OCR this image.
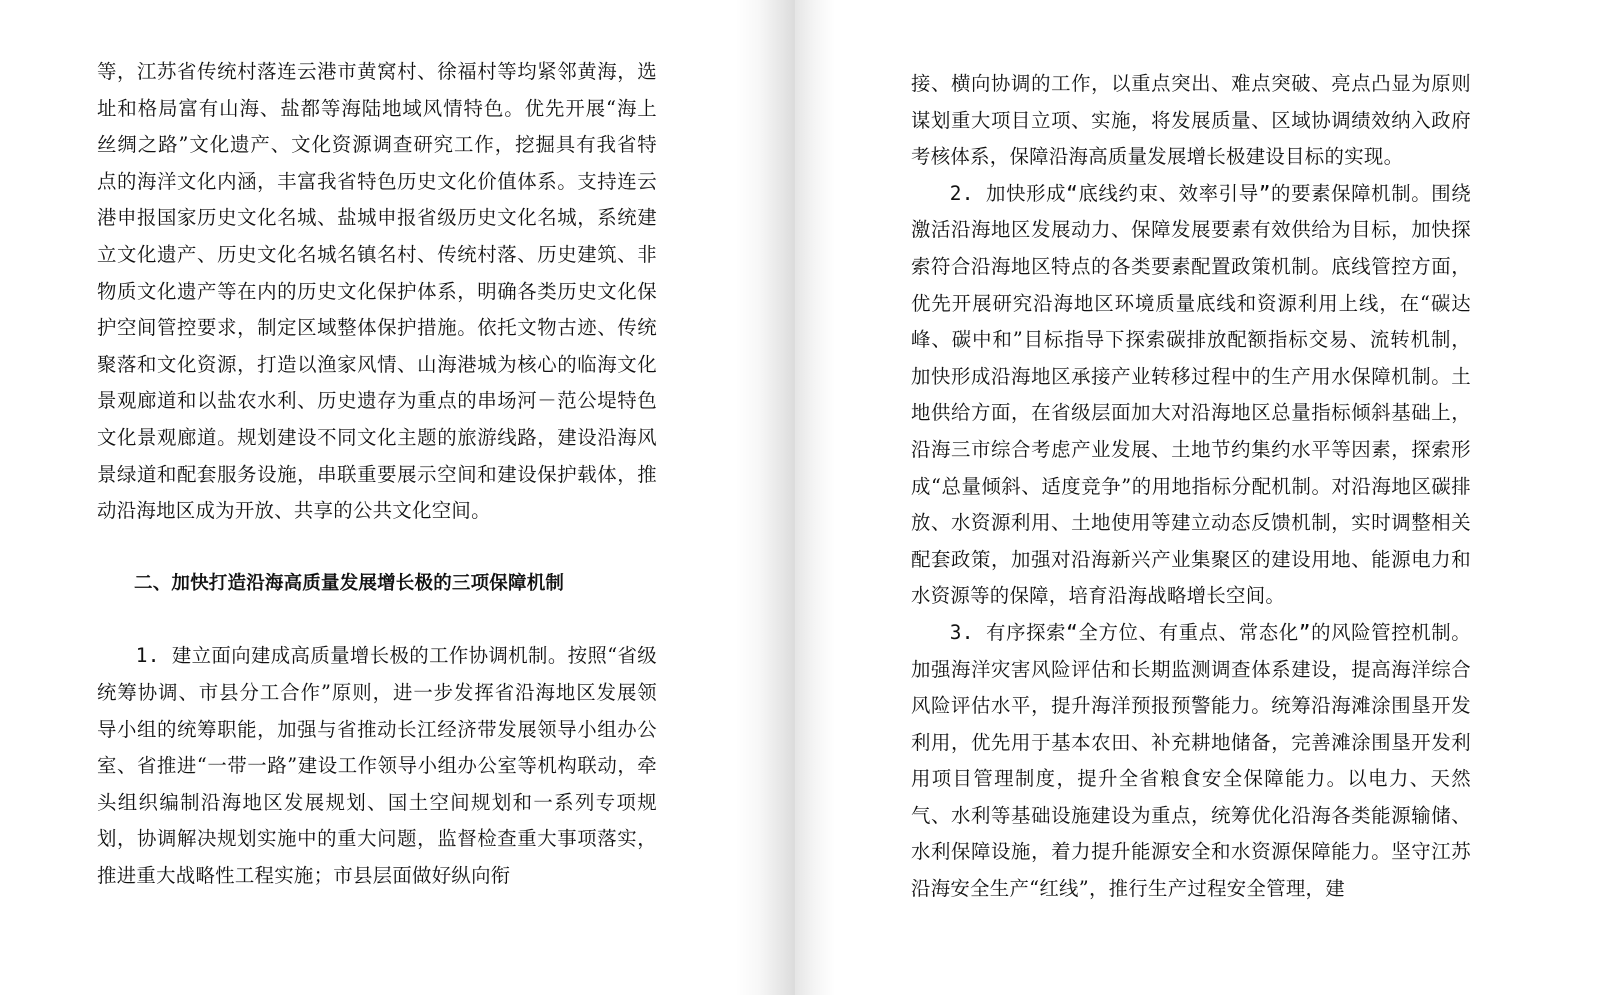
等，江苏省传统村落连云港市黄窝村、徐福村等均紧邻黄海，选址和格局富有山海、盐都等海陆地域风情特色。优先开展“海上丝绸之路”文化遗产、文化资源调查研究工作，挖掘具有我省特点的海洋文化内涵，丰富我省特色历史文化价值体系。支持连云港申报国家历史文化名城、盐城申报省级历史文化名城，系统建立文化遗产、历史文化名城名镇名村、传统村落、历史建筑、非物质文化遗产等在内的历史文化保护体系，明确各类历史文化保护空间管控要求，制定区域整体保护措施。依托文物古迹、传统聚落和文化资源，打造以渔家风情、山海港城为核心的临海文化景观廊道和以盐农水利、历史遗存为重点的串场河－范公堤特色文化景观廊道。规划建设不同文化主题的旅游线路，建设沿海风景绿道和配套服务设施，串联重要展示空间和建设保护载体，推动沿海地区成为开放、共享的公共文化空间。

二、加快打造沿海高质量发展增长极的三项保障机制

1. 建立面向建成高质量增长极的工作协调机制。按照“省级统筹协调、市县分工合作”原则，进一步发挥省沿海地区发展领导小组的统筹职能，加强与省推动长江经济带发展领导小组办公室、省推进“一带一路”建设工作领导小组办公室等机构联动，牵头组织编制沿海地区发展规划、国土空间规划和一系列专项规划，协调解决规划实施中的重大问题，监督检查重大事项落实，推进重大战略性工程实施；市县层面做好纵向衔

接、横向协调的工作，以重点突出、难点突破、亮点凸显为原则谋划重大项目立项、实施，将发展质量、区域协调绩效纳入政府考核体系，保障沿海高质量发展增长极建设目标的实现。

2. 加快形成“底线约束、效率引导”的要素保障机制。围绕激活沿海地区发展动力、保障发展要素有效供给为目标，加快探索符合沿海地区特点的各类要素配置政策机制。底线管控方面，优先开展研究沿海地区环境质量底线和资源利用上线，在“碳达峰、碳中和”目标指导下探索碳排放配额指标交易、流转机制，加快形成沿海地区承接产业转移过程中的生产用水保障机制。土地供给方面，在省级层面加大对沿海地区总量指标倾斜基础上，沿海三市综合考虑产业发展、土地节约集约水平等因素，探索形成“总量倾斜、适度竞争”的用地指标分配机制。对沿海地区碳排放、水资源利用、土地使用等建立动态反馈机制，实时调整相关配套政策，加强对沿海新兴产业集聚区的建设用地、能源电力和水资源等的保障，培育沿海战略增长空间。

3. 有序探索“全方位、有重点、常态化”的风险管控机制。加强海洋灾害风险评估和长期监测调查体系建设，提高海洋综合风险评估水平，提升海洋预报预警能力。统筹沿海滩涂围垦开发利用，优先用于基本农田、补充耕地储备，完善滩涂围垦开发利用项目管理制度，提升全省粮食安全保障能力。以电力、天然气、水利等基础设施建设为重点，统筹优化沿海各类能源输储、水利保障设施，着力提升能源安全和水资源保障能力。坚守江苏沿海安全生产“红线”，推行生产过程安全管理，建
